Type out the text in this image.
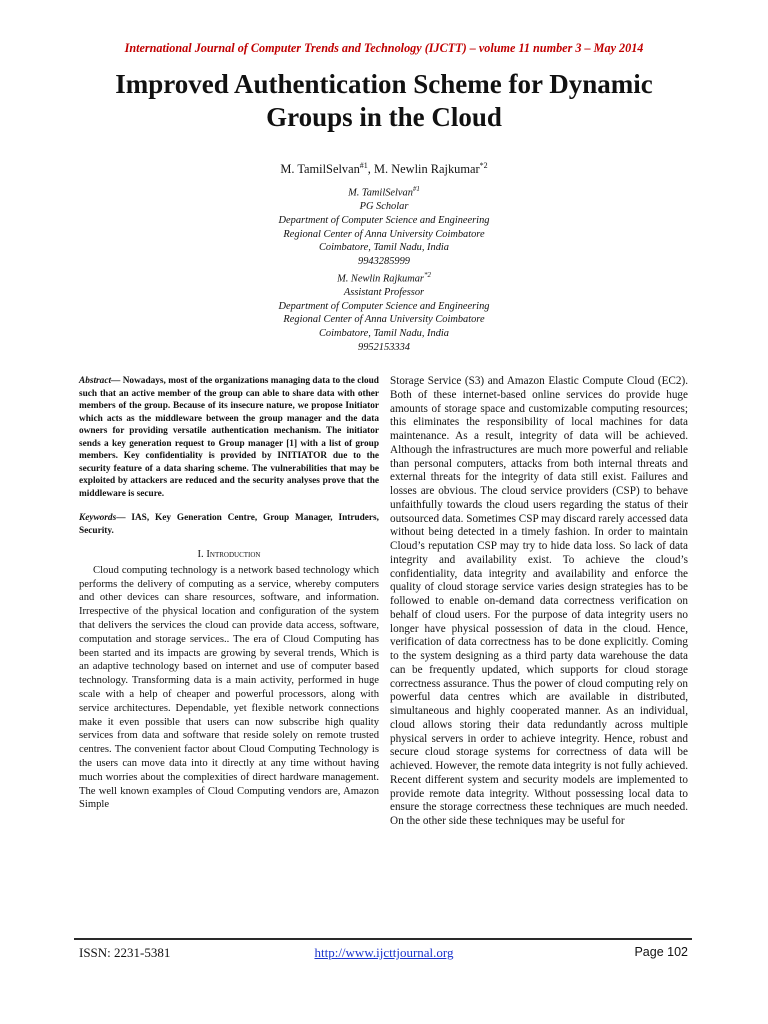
International Journal of Computer Trends and Technology (IJCTT) – volume 11 number 3 – May 2014
Improved Authentication Scheme for Dynamic
Groups in the Cloud
M. TamilSelvan$^{\#1}$, M. Newlin Rajkumar$^{*2}$
M. TamilSelvan$^{\#1}$
PG Scholar
Department of Computer Science and Engineering
Regional Center of Anna University Coimbatore
Coimbatore, Tamil Nadu, India
9943285999
M. Newlin Rajkumar$^{*2}$
Assistant Professor
Department of Computer Science and Engineering
Regional Center of Anna University Coimbatore
Coimbatore, Tamil Nadu, India
9952153334

Abstract— Nowadays, most of the organizations managing data to the cloud such that an active member of the group can able to share data with other members of the group. Because of its insecure nature, we propose Initiator which acts as the middleware between the group manager and the data owners for providing versatile authentication mechanism. The initiator sends a key generation request to Group manager [1] with a list of group members. Key confidentiality is provided by INITIATOR due to the security feature of a data sharing scheme. The vulnerabilities that may be exploited by attackers are reduced and the security analyses prove that the middleware is secure.

Keywords— IAS, Key Generation Centre, Group Manager, Intruders, Security.

I. Introduction

Cloud computing technology is a network based technology which performs the delivery of computing as a service, whereby computers and other devices can share resources, software, and information. Irrespective of the physical location and configuration of the system that delivers the services the cloud can provide data access, software, computation and storage services.. The era of Cloud Computing has been started and its impacts are growing by several trends, Which is an adaptive technology based on internet and use of computer based technology. Transforming data is a main activity, performed in huge scale with a help of cheaper and powerful processors, along with service architectures. Dependable, yet flexible network connections make it even possible that users can now subscribe high quality services from data and software that reside solely on remote trusted centres. The convenient factor about Cloud Computing Technology is the users can move data into it directly at any time without having much worries about the complexities of direct hardware management. The well known examples of Cloud Computing vendors are, Amazon Simple

Storage Service (S3) and Amazon Elastic Compute Cloud (EC2). Both of these internet-based online services do provide huge amounts of storage space and customizable computing resources; this eliminates the responsibility of local machines for data maintenance. As a result, integrity of data will be achieved. Although the infrastructures are much more powerful and reliable than personal computers, attacks from both internal threats and external threats for the integrity of data still exist. Failures and losses are obvious. The cloud service providers (CSP) to behave unfaithfully towards the cloud users regarding the status of their outsourced data. Sometimes CSP may discard rarely accessed data without being detected in a timely fashion. In order to maintain Cloud’s reputation CSP may try to hide data loss. So lack of data integrity and availability exist. To achieve the cloud’s confidentiality, data integrity and availability and enforce the quality of cloud storage service varies design strategies has to be followed to enable on-demand data correctness verification on behalf of cloud users. For the purpose of data integrity users no longer have physical possession of data in the cloud. Hence, verification of data correctness has to be done explicitly. Coming to the system designing as a third party data warehouse the data can be frequently updated, which supports for cloud storage correctness assurance. Thus the power of cloud computing rely on powerful data centres which are available in distributed, simultaneous and highly cooperated manner. As an individual, cloud allows storing their data redundantly across multiple physical servers in order to achieve integrity. Hence, robust and secure cloud storage systems for correctness of data will be achieved. However, the remote data integrity is not fully achieved. Recent different system and security models are implemented to provide remote data integrity. Without possessing local data to ensure the storage correctness these techniques are much needed. On the other side these techniques may be useful for

ISSN: 2231-5381	http://www.ijcttjournal.org	Page 102
